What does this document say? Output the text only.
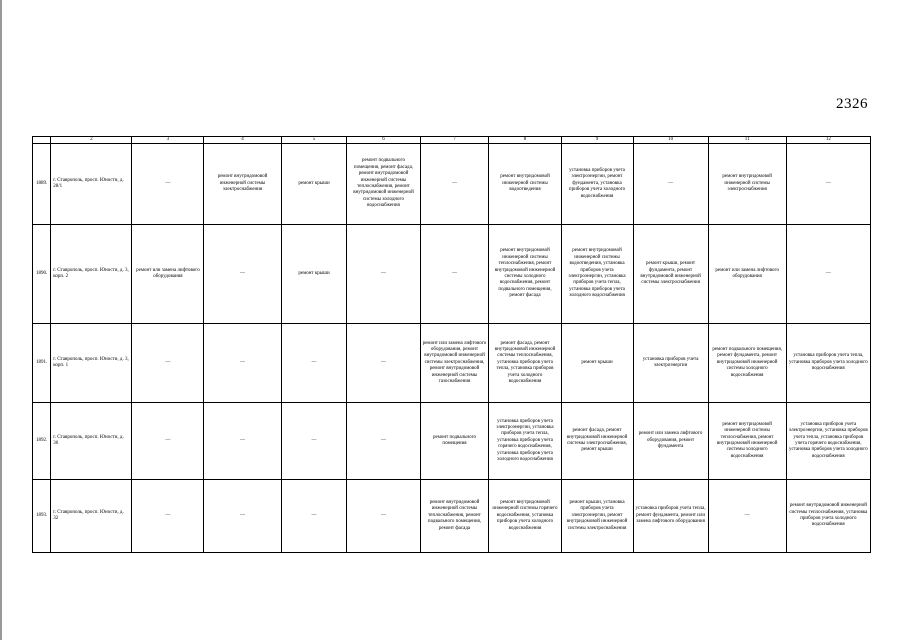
2326
	2	3	4	5	6	7	8	9	10	11	12
1889.	г. Ставрополь, просп. Юности, д. 28/1	—	ремонт внутридомовой инженерной системы электроснабжения	ремонт крыши	ремонт подвального помещения, ремонт фасада, ремонт внутридомовой инженерной системы теплоснабжения, ремонт внутридомовой инженерной системы холодного водоснабжения	—	ремонт внутридомовой инженерной системы водоотведения	установка приборов учета электроэнергии, ремонт фундамента, установка приборов учета холодного водоснабжения	—	ремонт внутридомовой инженерной системы электроснабжения	—
1890.	г. Ставрополь, просп. Юности, д. 3, корп. 2	ремонт или замена лифтового оборудования	—	ремонт крыши	—	—	ремонт внутридомовой инженерной системы теплоснабжения, ремонт внутридомовой инженерной системы холодного водоснабжения, ремонт подвального помещения, ремонт фасада	ремонт внутридомовой инженерной системы водоотведения, установка приборов учета электроэнергии, установка приборов учета тепла, установка приборов учета холодного водоснабжения	ремонт крыши, ремонт фундамента, ремонт внутридомовой инженерной системы электроснабжения	ремонт или замена лифтового оборудования	—
1891.	г. Ставрополь, просп. Юности, д. 3, корп. 1	—	—	—	—	ремонт или замена лифтового оборудования, ремонт внутридомовой инженерной системы электроснабжения, ремонт внутридомовой инженерной системы газоснабжения	ремонт фасада, ремонт внутридомовой инженерной системы теплоснабжения, установка приборов учета тепла, установка приборов учета холодного водоснабжения	ремонт крыши	установка приборов учета электроэнергии	ремонт подвального помещения, ремонт фундамента, ремонт внутридомовой инженерной системы холодного водоснабжения	установка приборов учета тепла, установка приборов учета холодного водоснабжения
1892.	г. Ставрополь, просп. Юности, д. 36	—	—	—	—	ремонт подвального помещения	установка приборов учета электроэнергии, установка приборов учета тепла, установка приборов учета горячего водоснабжения, установка приборов учета холодного водоснабжения	ремонт фасада, ремонт внутридомовой инженерной системы электроснабжения, ремонт крыши	ремонт или замена лифтового оборудования, ремонт фундамента	ремонт внутридомовой инженерной системы теплоснабжения, ремонт внутридомовой инженерной системы холодного водоснабжения	установка приборов учета электроэнергии, установка приборов учета тепла, установка приборов учета горячего водоснабжения, установка приборов учета холодного водоснабжения
1893.	г. Ставрополь, просп. Юности, д. 32	—	—	—	—	ремонт внутридомовой инженерной системы теплоснабжения, ремонт подвального помещения, ремонт фасада	ремонт внутридомовой инженерной системы горячего водоснабжения, установка приборов учета холодного водоснабжения	ремонт крыши, установка приборов учета электроэнергии, ремонт внутридомовой инженерной системы электроснабжения	установка приборов учета тепла, ремонт фундамента, ремонт или замена лифтового оборудования	—	ремонт внутридомовой инженерной системы теплоснабжения, установка приборов учета холодного водоснабжения
